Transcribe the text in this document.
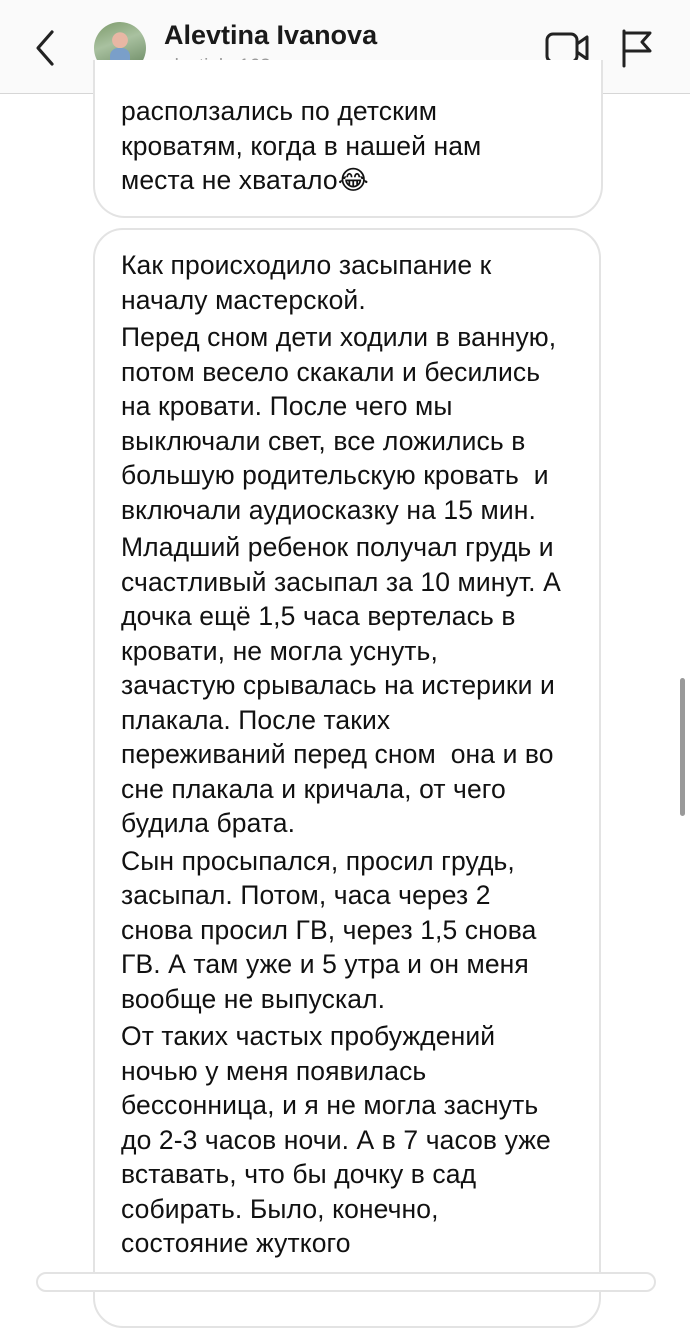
Alevtina Ivanova

расползались по детским

кроватям, когда в нашей нам

места не хватало😂

Как происходило засыпание к
началу мастерской.

Перед сном дети ходили в ванную,
потом весело скакали и бесились
на кровати. После чего мы
выключали свет, все ложились в
большую родительскую кровать  и
включали аудиосказку на 15 мин.

Младший ребенок получал грудь и
счастливый засыпал за 10 минут. А
дочка ещё 1,5 часа вертелась в
кровати, не могла уснуть,
зачастую срывалась на истерики и
плакала. После таких
переживаний перед сном  она и во
сне плакала и кричала, от чего
будила брата.

Сын просыпался, просил грудь,
засыпал. Потом, часа через 2
снова просил ГВ, через 1,5 снова
ГВ. А там уже и 5 утра и он меня
вообще не выпускал.

От таких частых пробуждений
ночью у меня появилась
бессонница, и я не могла заснуть
до 2-3 часов ночи. А в 7 часов уже
вставать, что бы дочку в сад
собирать. Было, конечно,
состояние жуткого
